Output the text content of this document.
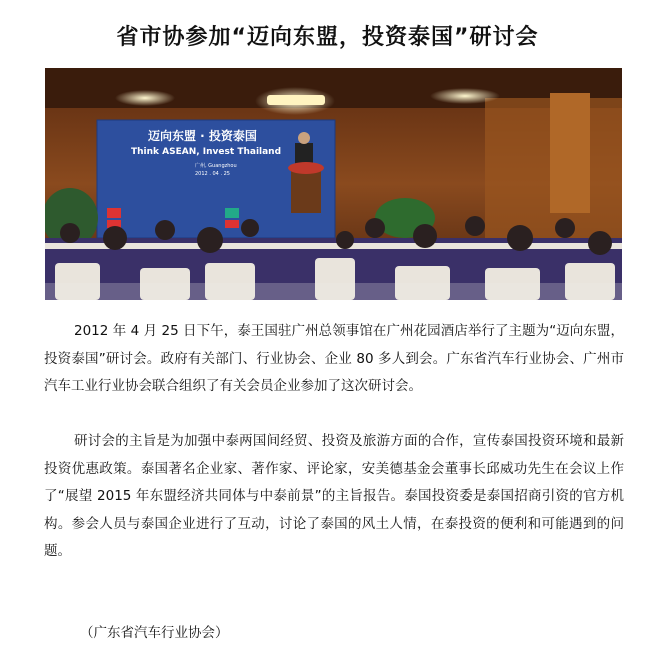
省市协参加“迈向东盟，投资泰国”研讨会
迈向东盟 · 投资泰国
Think ASEAN, Invest Thailand
广州, Guangzhou
2012 . 04 . 25

2012 年 4 月 25 日下午，泰王国驻广州总领事馆在广州花园酒店举行了主题为“迈向东盟，投资泰国”研讨会。政府有关部门、行业协会、企业 80 多人到会。广东省汽车行业协会、广州市汽车工业行业协会联合组织了有关会员企业参加了这次研讨会。

研讨会的主旨是为加强中泰两国间经贸、投资及旅游方面的合作，宣传泰国投资环境和最新投资优惠政策。泰国著名企业家、著作家、评论家，安美德基金会董事长邱威功先生在会议上作了“展望 2015 年东盟经济共同体与中泰前景”的主旨报告。泰国投资委是泰国招商引资的官方机构。参会人员与泰国企业进行了互动，讨论了泰国的风土人情，在泰投资的便利和可能遇到的问题。

（广东省汽车行业协会）
